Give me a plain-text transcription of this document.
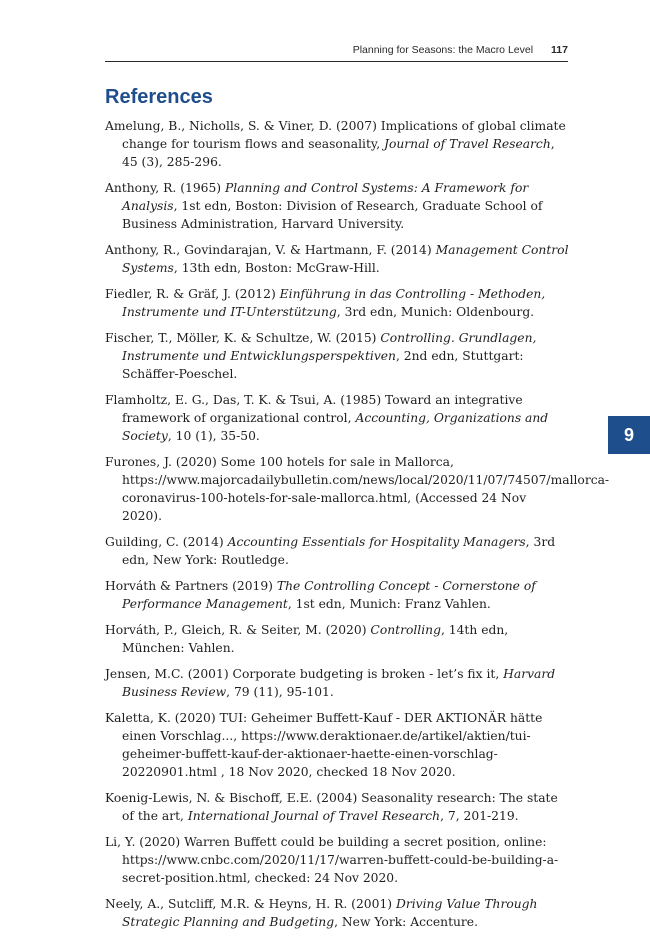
Planning for Seasons: the Macro Level 117
References

Amelung, B., Nicholls, S. & Viner, D. (2007) Implications of global climate change for tourism flows and seasonality, Journal of Travel Research, 45 (3), 285-296.

Anthony, R. (1965) Planning and Control Systems: A Framework for Analysis, 1st edn, Boston: Division of Research, Graduate School of Business Administration, Harvard University.

Anthony, R., Govindarajan, V. & Hartmann, F. (2014) Management Control Systems, 13th edn, Boston: McGraw-Hill.

Fiedler, R. & Gräf, J. (2012) Einführung in das Controlling - Methoden, Instrumente und IT-Unterstützung, 3rd edn, Munich: Oldenbourg.

Fischer, T., Möller, K. & Schultze, W. (2015) Controlling. Grundlagen, Instrumente und Entwicklungsperspektiven, 2nd edn, Stuttgart: Schäffer-Poeschel.

Flamholtz, E. G., Das, T. K. & Tsui, A. (1985) Toward an integrative framework of organizational control, Accounting, Organizations and Society, 10 (1), 35-50.

Furones, J. (2020) Some 100 hotels for sale in Mallorca, https://www.majorcadailybulletin.com/news/local/2020/11/07/74507/mallorca-coronavirus-100-hotels-for-sale-mallorca.html, (Accessed 24 Nov 2020).

Guilding, C. (2014) Accounting Essentials for Hospitality Managers, 3rd edn, New York: Routledge.

Horváth & Partners (2019) The Controlling Concept - Cornerstone of Performance Management, 1st edn, Munich: Franz Vahlen.

Horváth, P., Gleich, R. & Seiter, M. (2020) Controlling, 14th edn, München: Vahlen.

Jensen, M.C. (2001) Corporate budgeting is broken - let’s fix it, Harvard Business Review, 79 (11), 95-101.

Kaletta, K. (2020) TUI: Geheimer Buffett-Kauf - DER AKTIONÄR hätte einen Vorschlag..., https://www.deraktionaer.de/artikel/aktien/tui-geheimer-buffett-kauf-der-aktionaer-haette-einen-vorschlag-20220901.html , 18 Nov 2020, checked 18 Nov 2020.

Koenig-Lewis, N. & Bischoff, E.E. (2004) Seasonality research: The state of the art, International Journal of Travel Research, 7, 201-219.

Li, Y. (2020) Warren Buffett could be building a secret position, online: https://www.cnbc.com/2020/11/17/warren-buffett-could-be-building-a-secret-position.html, checked: 24 Nov 2020.

Neely, A., Sutcliff, M.R. & Heyns, H. R. (2001) Driving Value Through Strategic Planning and Budgeting, New York: Accenture.

9
